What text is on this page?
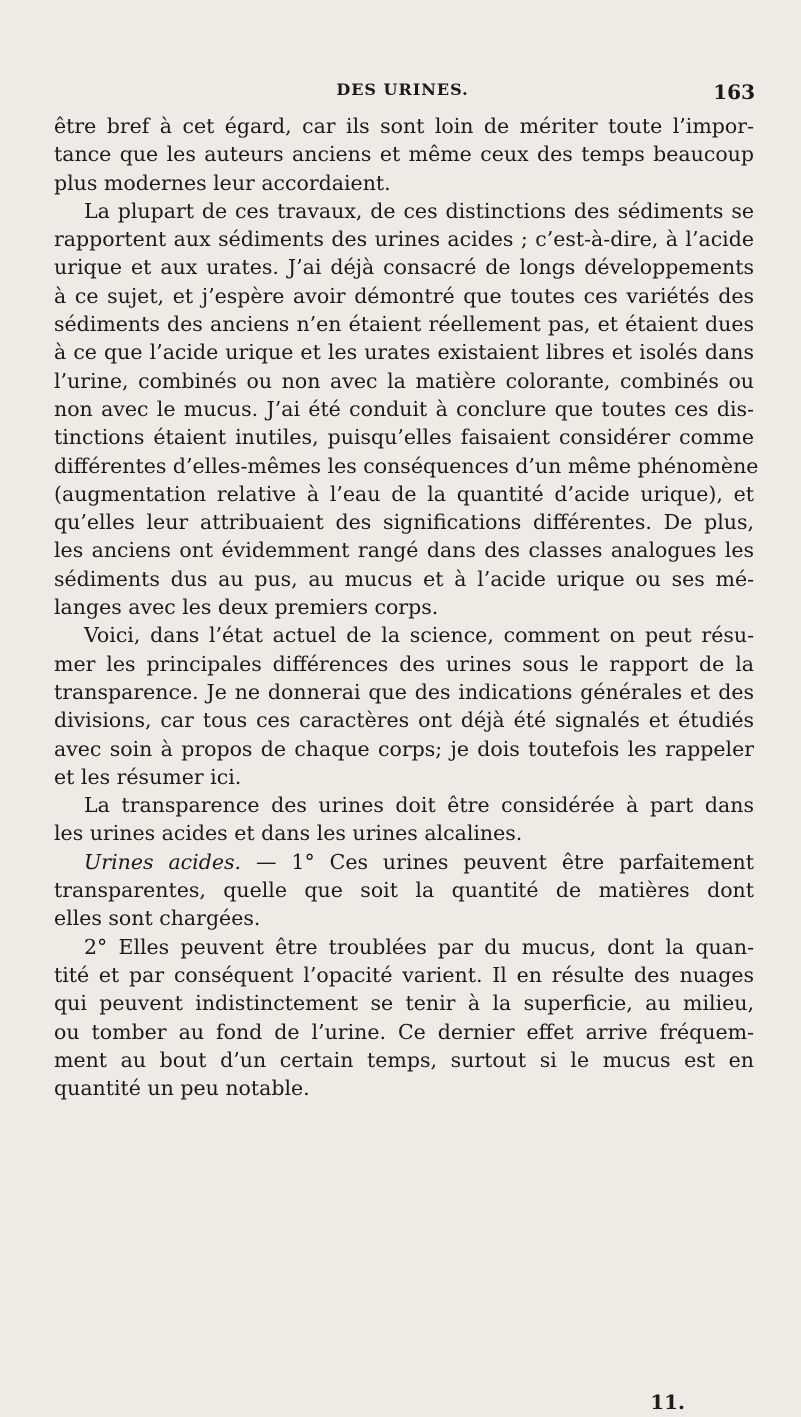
DES URINES.	163
être bref à cet égard, car ils sont loin de mériter toute l’impor-
tance que les auteurs anciens et même ceux des temps beaucoup
plus modernes leur accordaient.
La plupart de ces travaux, de ces distinctions des sédiments se
rapportent aux sédiments des urines acides ; c’est-à-dire, à l’acide
urique et aux urates. J’ai déjà consacré de longs développements
à ce sujet, et j’espère avoir démontré que toutes ces variétés des
sédiments des anciens n’en étaient réellement pas, et étaient dues
à ce que l’acide urique et les urates existaient libres et isolés dans
l’urine, combinés ou non avec la matière colorante, combinés ou
non avec le mucus. J’ai été conduit à conclure que toutes ces dis-
tinctions étaient inutiles, puisqu’elles faisaient considérer comme
différentes d’elles-mêmes les conséquences d’un même phénomène
(augmentation relative à l’eau de la quantité d’acide urique), et
qu’elles leur attribuaient des significations différentes. De plus,
les anciens ont évidemment rangé dans des classes analogues les
sédiments dus au pus, au mucus et à l’acide urique ou ses mé-
langes avec les deux premiers corps.
Voici, dans l’état actuel de la science, comment on peut résu-
mer les principales différences des urines sous le rapport de la
transparence. Je ne donnerai que des indications générales et des
divisions, car tous ces caractères ont déjà été signalés et étudiés
avec soin à propos de chaque corps; je dois toutefois les rappeler
et les résumer ici.
La transparence des urines doit être considérée à part dans
les urines acides et dans les urines alcalines.
Urines acides. — 1° Ces urines peuvent être parfaitement
transparentes, quelle que soit la quantité de matières dont
elles sont chargées.
2° Elles peuvent être troublées par du mucus, dont la quan-
tité et par conséquent l’opacité varient. Il en résulte des nuages
qui peuvent indistinctement se tenir à la superficie, au milieu,
ou tomber au fond de l’urine. Ce dernier effet arrive fréquem-
ment au bout d’un certain temps, surtout si le mucus est en
quantité un peu notable.
11.
